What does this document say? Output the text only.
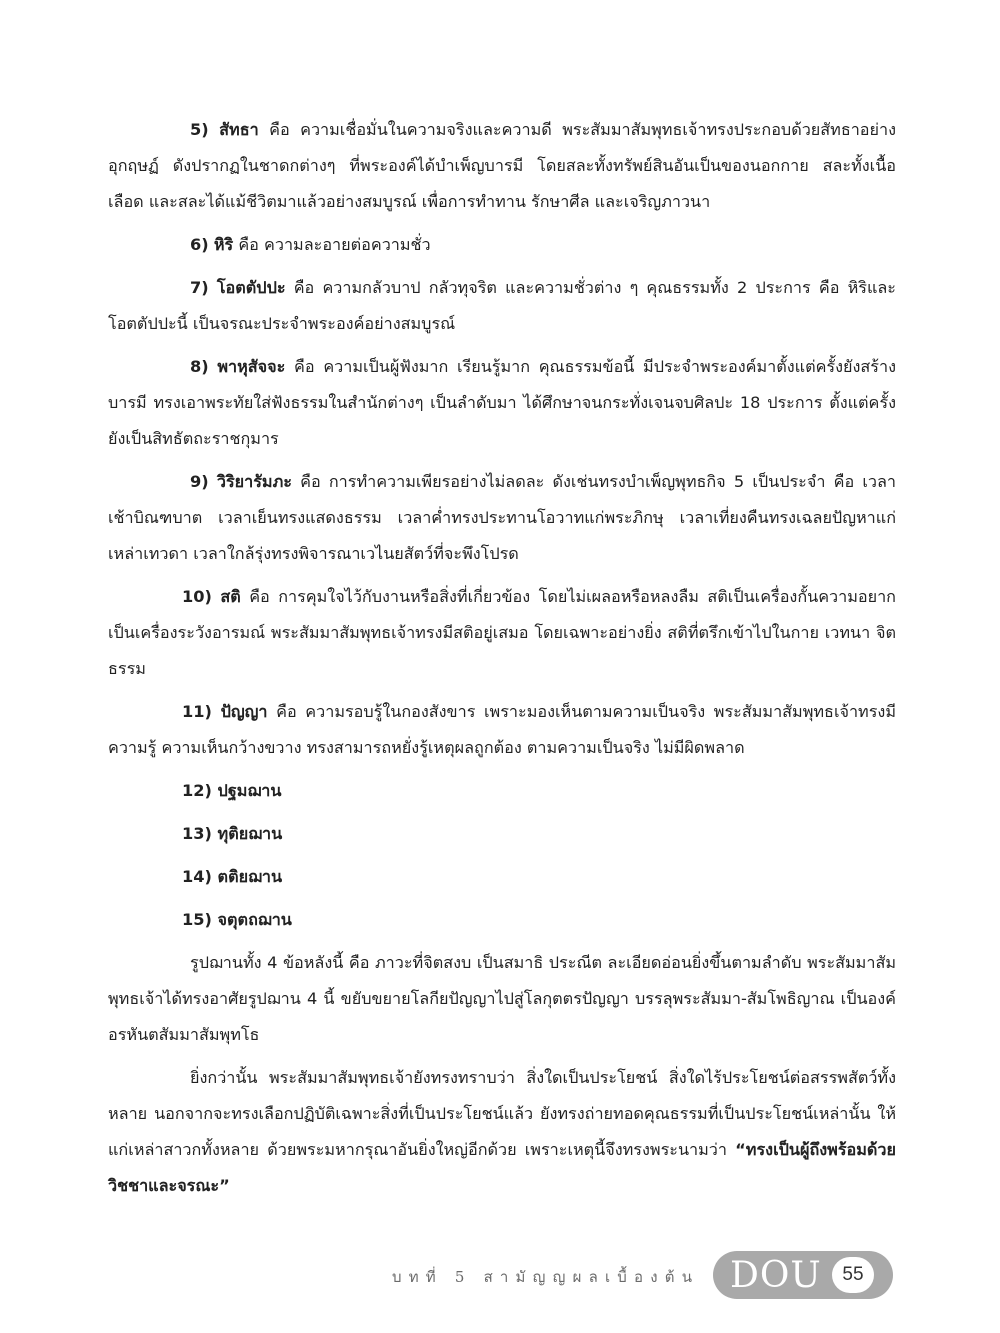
5) สัทธา คือ ความเชื่อมั่นในความจริงและความดี พระสัมมาสัมพุทธเจ้าทรงประกอบด้วยสัทธาอย่างอุกฤษฏ์ ดังปรากฏในชาดกต่างๆ ที่พระองค์ได้บำเพ็ญบารมี โดยสละทั้งทรัพย์สินอันเป็นของนอกกาย สละทั้งเนื้อเลือด และสละได้แม้ชีวิตมาแล้วอย่างสมบูรณ์ เพื่อการทำทาน รักษาศีล และเจริญภาวนา

6) หิริ คือ ความละอายต่อความชั่ว

7) โอตตัปปะ คือ ความกลัวบาป กลัวทุจริต และความชั่วต่าง ๆ คุณธรรมทั้ง 2 ประการ คือ หิริและโอตตัปปะนี้ เป็นจรณะประจำพระองค์อย่างสมบูรณ์

8) พาหุสัจจะ คือ ความเป็นผู้ฟังมาก เรียนรู้มาก คุณธรรมข้อนี้ มีประจำพระองค์มาตั้งแต่ครั้งยังสร้างบารมี ทรงเอาพระทัยใส่ฟังธรรมในสำนักต่างๆ เป็นลำดับมา ได้ศึกษาจนกระทั่งเจนจบศิลปะ 18 ประการ ตั้งแต่ครั้งยังเป็นสิทธัตถะราชกุมาร

9) วิริยารัมภะ คือ การทำความเพียรอย่างไม่ลดละ ดังเช่นทรงบำเพ็ญพุทธกิจ 5 เป็นประจำ คือ เวลาเช้าบิณฑบาต เวลาเย็นทรงแสดงธรรม เวลาค่ำทรงประทานโอวาทแก่พระภิกษุ เวลาเที่ยงคืนทรงเฉลยปัญหาแก่เหล่าเทวดา เวลาใกล้รุ่งทรงพิจารณาเวไนยสัตว์ที่จะพึงโปรด

10) สติ คือ การคุมใจไว้กับงานหรือสิ่งที่เกี่ยวข้อง โดยไม่เผลอหรือหลงลืม สติเป็นเครื่องกั้นความอยาก เป็นเครื่องระวังอารมณ์ พระสัมมาสัมพุทธเจ้าทรงมีสติอยู่เสมอ โดยเฉพาะอย่างยิ่ง สติที่ตรึกเข้าไปในกาย เวทนา จิต ธรรม

11) ปัญญา คือ ความรอบรู้ในกองสังขาร เพราะมองเห็นตามความเป็นจริง พระสัมมาสัมพุทธเจ้าทรงมีความรู้ ความเห็นกว้างขวาง ทรงสามารถหยั่งรู้เหตุผลถูกต้อง ตามความเป็นจริง ไม่มีผิดพลาด

12) ปฐมฌาน
13) ทุติยฌาน
14) ตติยฌาน
15) จตุตถฌาน

รูปฌานทั้ง 4 ข้อหลังนี้ คือ ภาวะที่จิตสงบ เป็นสมาธิ ประณีต ละเอียดอ่อนยิ่งขึ้นตามลำดับ พระสัมมาสัมพุทธเจ้าได้ทรงอาศัยรูปฌาน 4 นี้ ขยับขยายโลกียปัญญาไปสู่โลกุตตรปัญญา บรรลุพระสัมมา-สัมโพธิญาณ เป็นองค์อรหันตสัมมาสัมพุทโธ

ยิ่งกว่านั้น พระสัมมาสัมพุทธเจ้ายังทรงทราบว่า สิ่งใดเป็นประโยชน์ สิ่งใดไร้ประโยชน์ต่อสรรพสัตว์ทั้งหลาย นอกจากจะทรงเลือกปฏิบัติเฉพาะสิ่งที่เป็นประโยชน์แล้ว ยังทรงถ่ายทอดคุณธรรมที่เป็นประโยชน์เหล่านั้น ให้แก่เหล่าสาวกทั้งหลาย ด้วยพระมหากรุณาอันยิ่งใหญ่อีกด้วย เพราะเหตุนี้จึงทรงพระนามว่า “ทรงเป็นผู้ถึงพร้อมด้วยวิชชาและจรณะ”

บทที่ 5 สามัญญผลเบื้องต้น DOU	55
